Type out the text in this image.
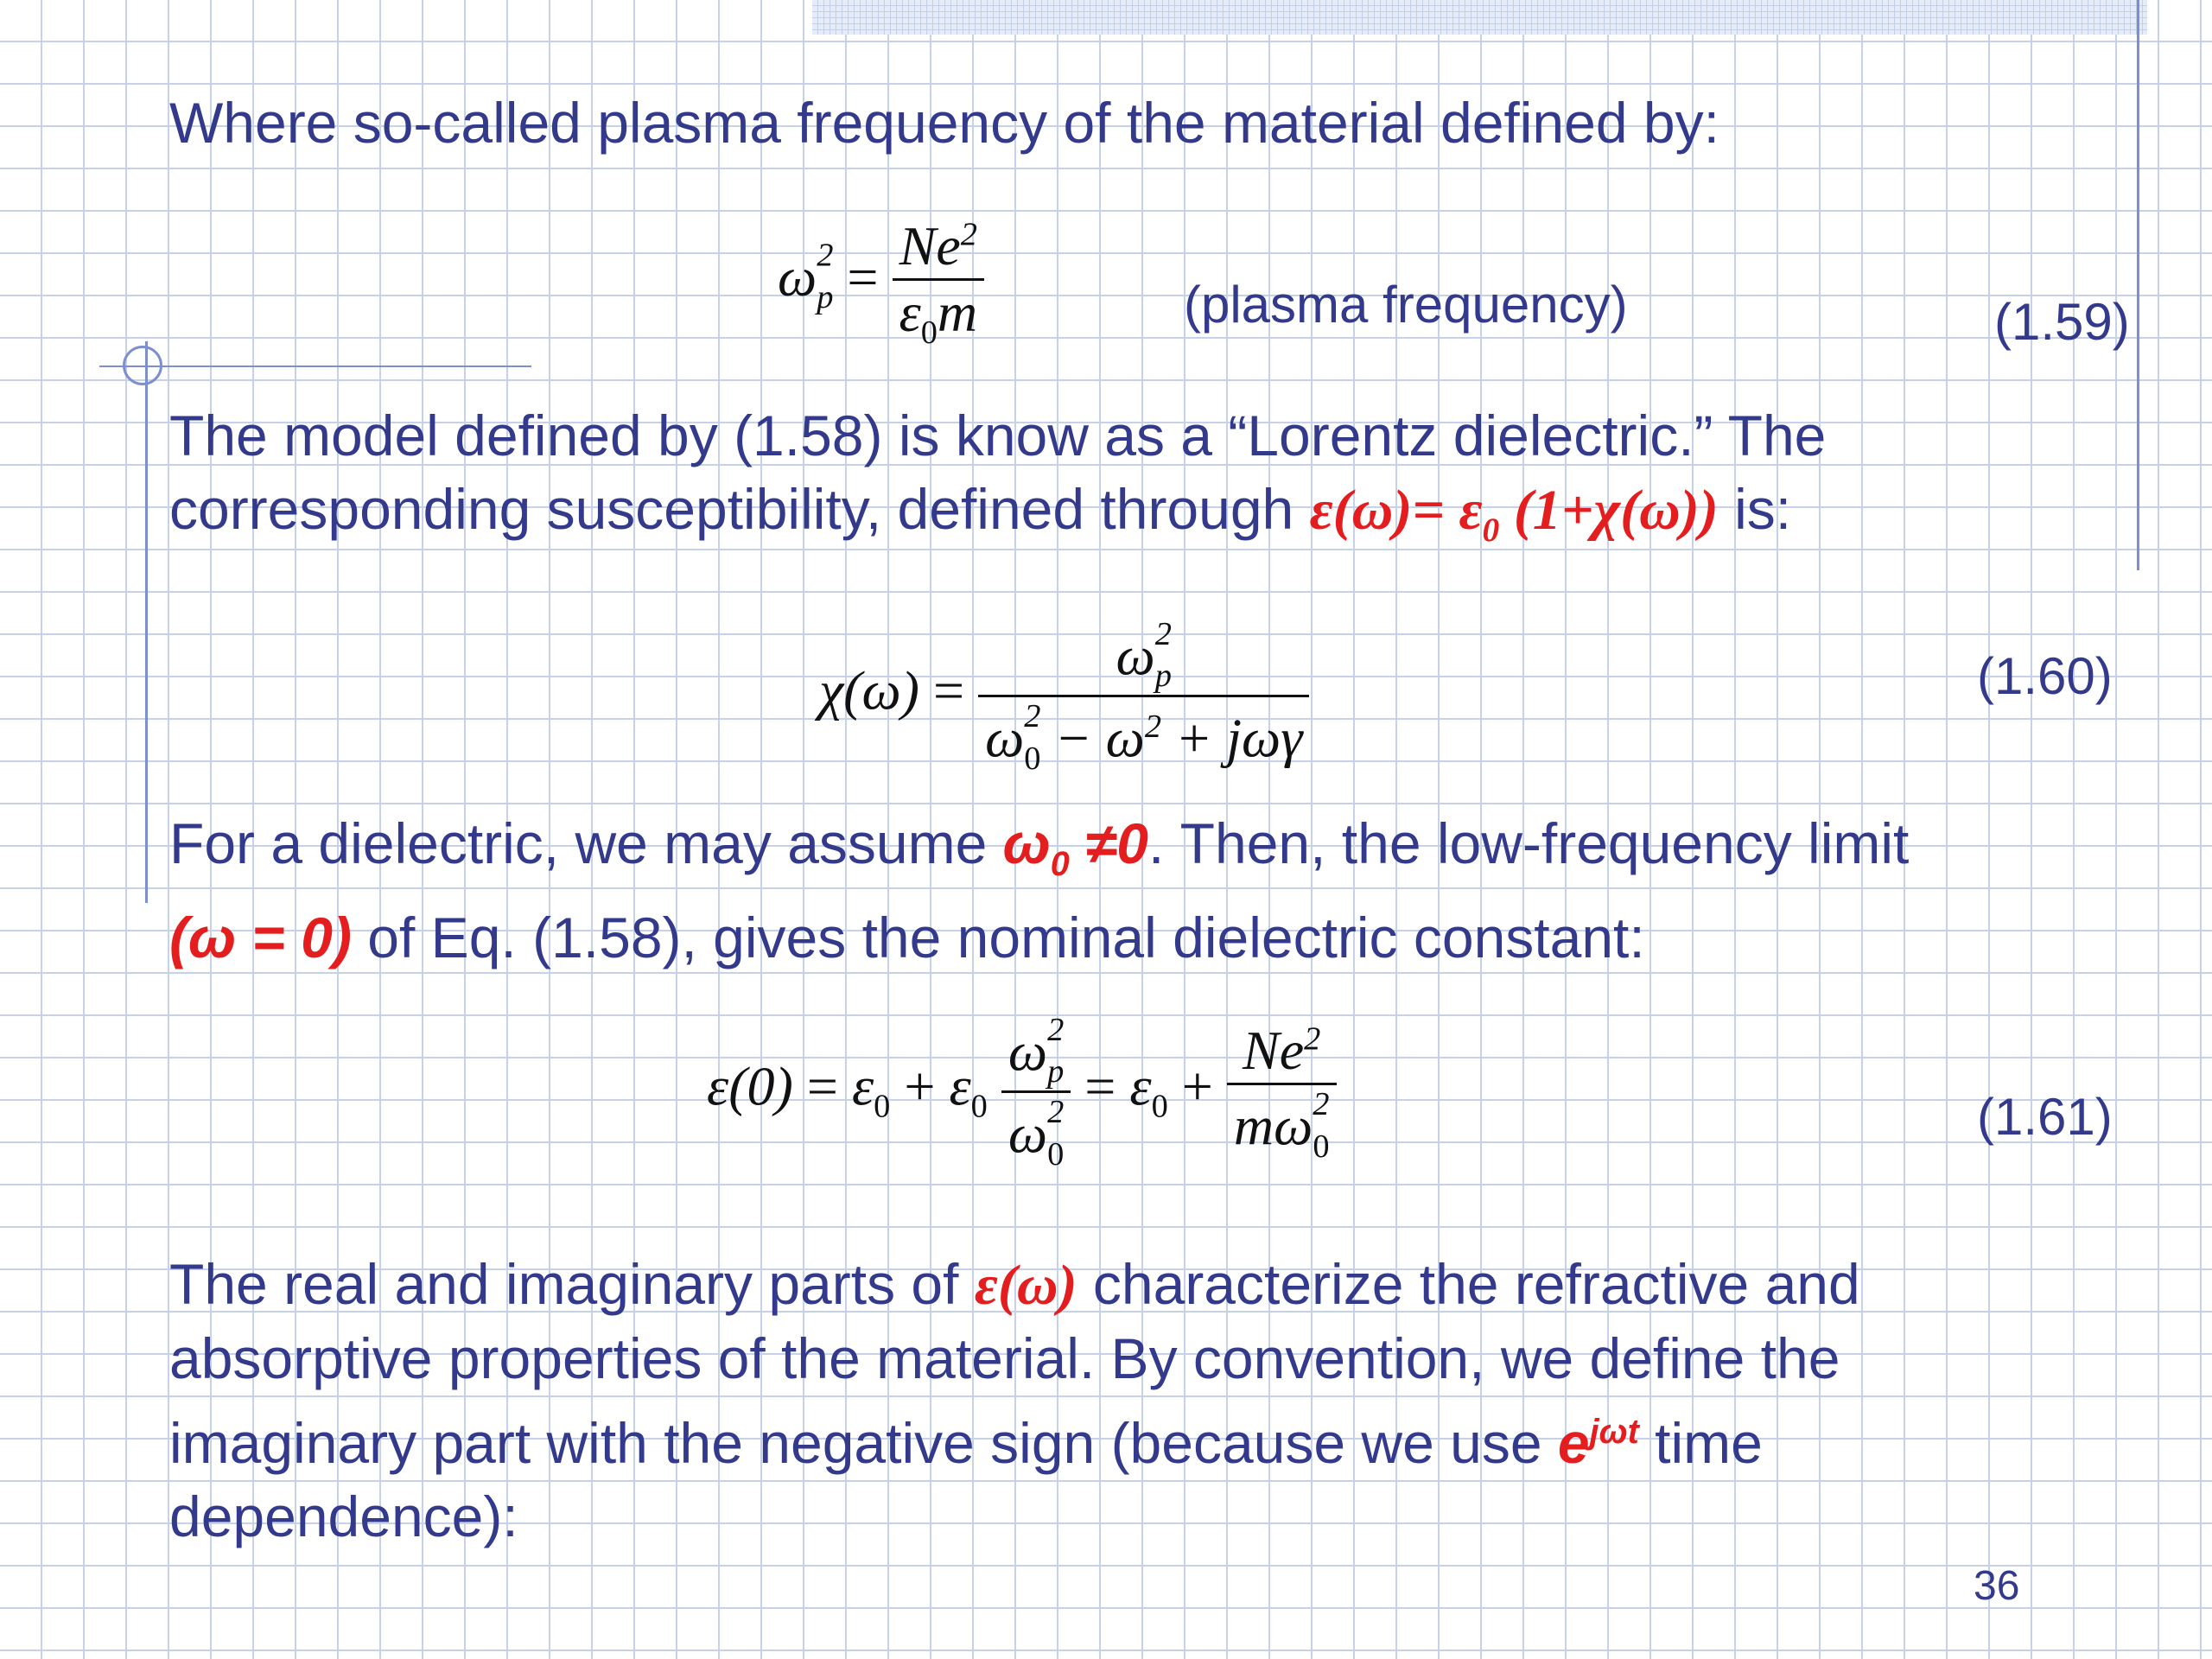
Where so-called plasma frequency of the material defined by:
$\omega^2_p = \frac{Ne^2}{\varepsilon_0m}$	(plasma frequency)	(1.59)
The model defined by (1.58) is know as a “Lorentz dielectric.” The
corresponding susceptibility, defined through $\varepsilon(\omega)= \varepsilon_0$ (1+χ(ω)) is:
$\chi(\omega) = \frac{\omega^2_p}{\omega^2_0 - \omega^2 + j\omega\gamma}$	(1.60)
For a dielectric, we may assume $\omega_0 \ne 0$. Then, the low-frequency limit
(ω = 0) of Eq. (1.58), gives the nominal dielectric constant:
$\varepsilon(0) = \varepsilon_0 + \varepsilon_0 \frac{\omega^2_p}{\omega^2_0} = \varepsilon_0 + \frac{Ne^2}{m\omega^2_0}$	(1.61)
The real and imaginary parts of ε(ω) characterize the refractive and
absorptive properties of the material. By convention, we define the
imaginary part with the negative sign (because we use $e^{j\omega t}$ time
dependence):
36
